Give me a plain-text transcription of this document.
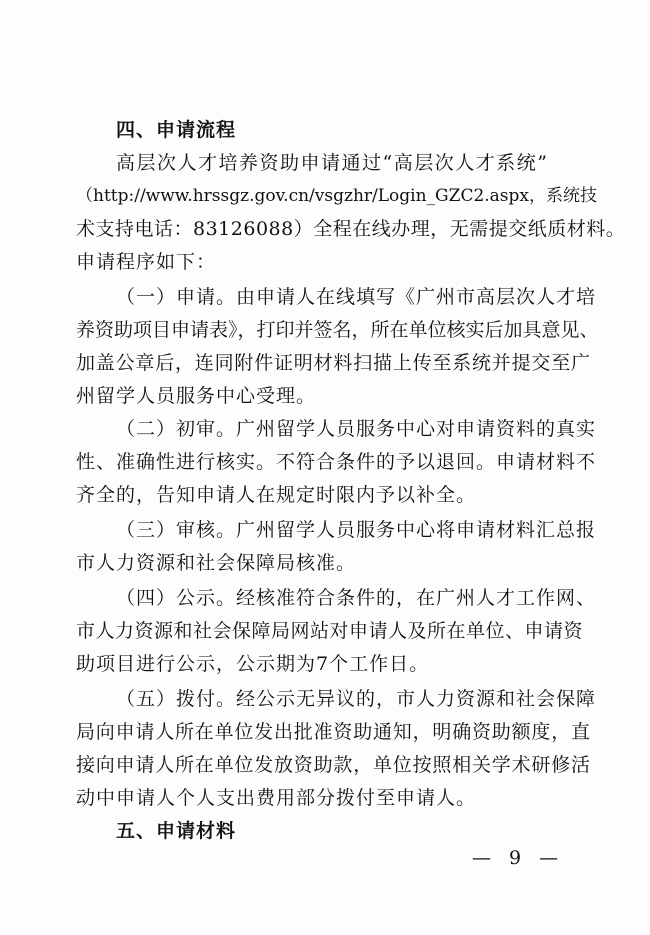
四、申请流程
高层次人才培养资助申请通过“高层次人才系统”
（http://www.hrssgz.gov.cn/vsgzhr/Login_GZC2.aspx，系统技
术支持电话：83126088）全程在线办理，无需提交纸质材料。
申请程序如下：
（一）申请。由申请人在线填写《广州市高层次人才培
养资助项目申请表》，打印并签名，所在单位核实后加具意见、
加盖公章后，连同附件证明材料扫描上传至系统并提交至广
州留学人员服务中心受理。
（二）初审。广州留学人员服务中心对申请资料的真实
性、准确性进行核实。不符合条件的予以退回。申请材料不
齐全的，告知申请人在规定时限内予以补全。
（三）审核。广州留学人员服务中心将申请材料汇总报
市人力资源和社会保障局核准。
（四）公示。经核准符合条件的，在广州人才工作网、
市人力资源和社会保障局网站对申请人及所在单位、申请资
助项目进行公示，公示期为7个工作日。
（五）拨付。经公示无异议的，市人力资源和社会保障
局向申请人所在单位发出批准资助通知，明确资助额度，直
接向申请人所在单位发放资助款，单位按照相关学术研修活
动中申请人个人支出费用部分拨付至申请人。
五、申请材料
— 9 —
